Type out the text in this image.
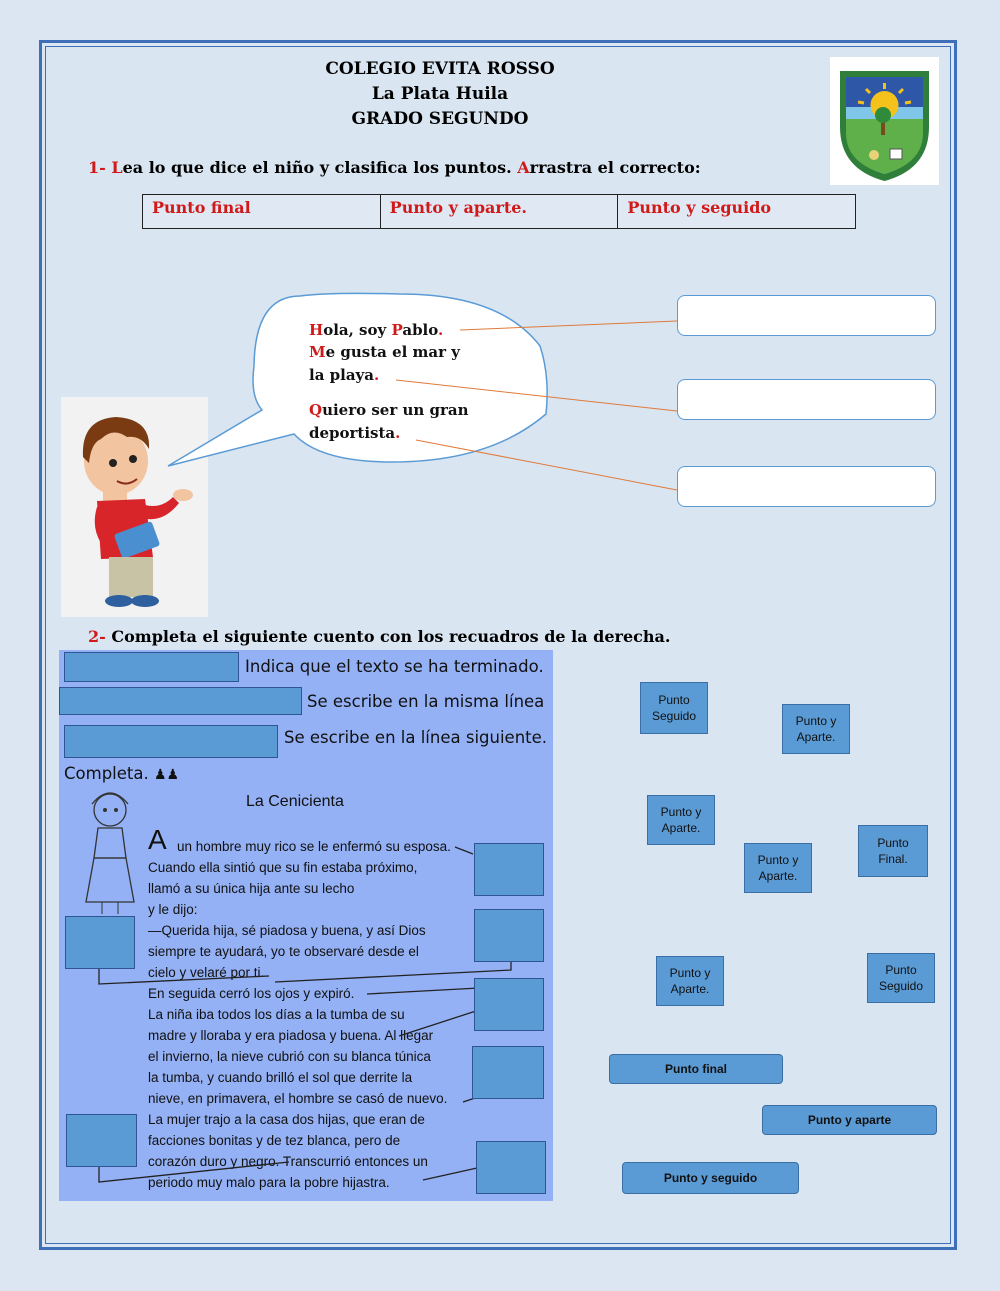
COLEGIO EVITA ROSSO
La Plata Huila
GRADO SEGUNDO
1- Lea lo que dice el niño y clasifica los puntos. Arrastra el correcto:
Punto final	Punto y aparte.	Punto y seguido
Hola, soy Pablo.
Me gusta el mar y
la playa.
Quiero ser un gran
deportista.
2- Completa el siguiente cuento con los recuadros de la derecha.
Indica que el texto se ha terminado.
Se escribe en la misma línea
Se escribe en la línea siguiente.
Completa. ♟♟
La Cenicienta
A un hombre muy rico se le enfermó su esposa.
Cuando ella sintió que su fin estaba próximo,
llamó a su única hija ante su lecho
y le dijo:
—Querida hija, sé piadosa y buena, y así Dios
siempre te ayudará, yo te observaré desde el
cielo y velaré por ti.
En seguida cerró los ojos y expiró.
La niña iba todos los días a la tumba de su
madre y lloraba y era piadosa y buena. Al llegar
el invierno, la nieve cubrió con su blanca túnica
la tumba, y cuando brilló el sol que derrite la
nieve, en primavera, el hombre se casó de nuevo.
La mujer trajo a la casa dos hijas, que eran de
facciones bonitas y de tez blanca, pero de
corazón duro y negro. Transcurrió entonces un
periodo muy malo para la pobre hijastra.
Punto
Seguido	Punto y
Aparte.
Punto y
Aparte.
Punto
Final.
Punto y
Aparte.
Punto y
Aparte.
Punto
Seguido
Punto final
Punto y aparte
Punto y seguido
